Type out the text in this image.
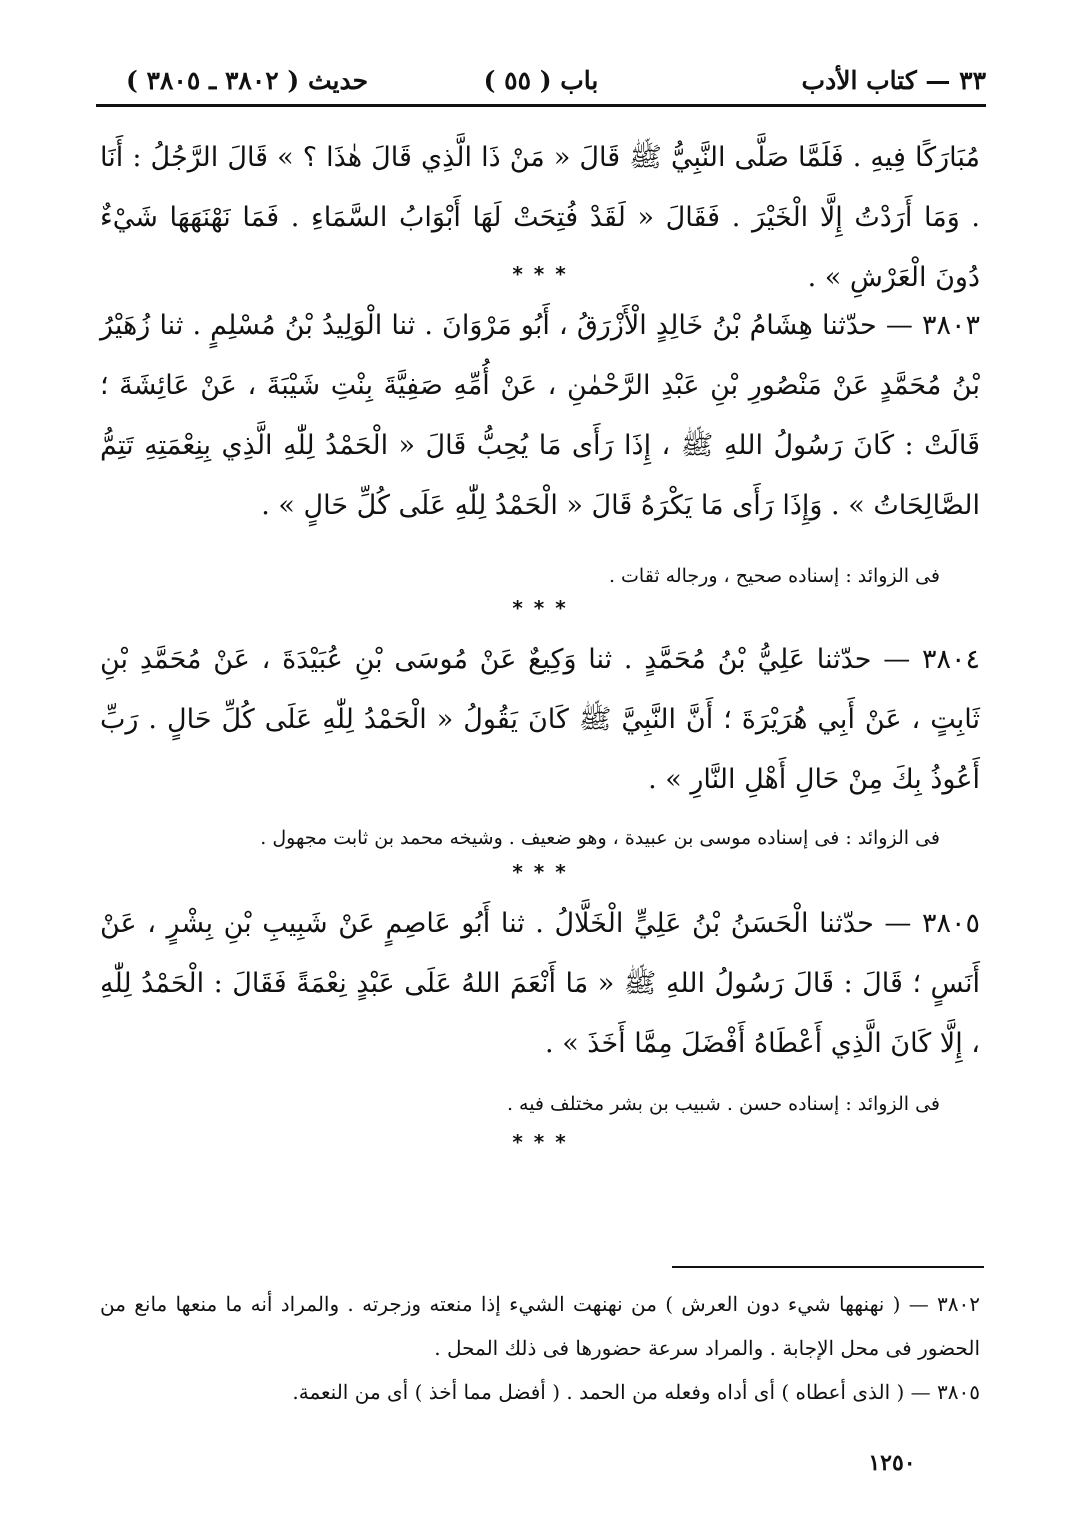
٣٣ — كتاب الأدب
( ٥٥ ) باب
( ٣٨٠٢ ـ ٣٨٠٥ ) حديث
مُبَارَكًا فِيهِ . فَلَمَّا صَلَّى النَّبِيُّ ﷺ قَالَ « مَنْ ذَا الَّذِي قَالَ هٰذَا ؟ » قَالَ الرَّجُلُ : أَنَا . وَمَا أَرَدْتُ إِلَّا الْخَيْرَ . فَقَالَ « لَقَدْ فُتِحَتْ لَهَا أَبْوَابُ السَّمَاءِ . فَمَا نَهْنَهَهَا شَيْءٌ دُونَ الْعَرْشِ » .
* * *
٣٨٠٣ — حدّثنا هِشَامُ بْنُ خَالِدٍ الْأَزْرَقُ ، أَبُو مَرْوَانَ . ثنا الْوَلِيدُ بْنُ مُسْلِمٍ . ثنا زُهَيْرُ بْنُ مُحَمَّدٍ عَنْ مَنْصُورِ بْنِ عَبْدِ الرَّحْمٰنِ ، عَنْ أُمِّهِ صَفِيَّةَ بِنْتِ شَيْبَةَ ، عَنْ عَائِشَةَ ؛ قَالَتْ : كَانَ رَسُولُ اللهِ ﷺ ، إِذَا رَأَى مَا يُحِبُّ قَالَ « الْحَمْدُ لِلّٰهِ الَّذِي بِنِعْمَتِهِ تَتِمُّ الصَّالِحَاتُ » . وَإِذَا رَأَى مَا يَكْرَهُ قَالَ « الْحَمْدُ لِلّٰهِ عَلَى كُلِّ حَالٍ » .
فى الزوائد : إسناده صحيح ، ورجاله ثقات .
* * *
٣٨٠٤ — حدّثنا عَلِيُّ بْنُ مُحَمَّدٍ . ثنا وَكِيعٌ عَنْ مُوسَى بْنِ عُبَيْدَةَ ، عَنْ مُحَمَّدِ بْنِ ثَابِتٍ ، عَنْ أَبِي هُرَيْرَةَ ؛ أَنَّ النَّبِيَّ ﷺ كَانَ يَقُولُ « الْحَمْدُ لِلّٰهِ عَلَى كُلِّ حَالٍ . رَبِّ أَعُوذُ بِكَ مِنْ حَالِ أَهْلِ النَّارِ » .
فى الزوائد : فى إسناده موسى بن عبيدة ، وهو ضعيف . وشيخه محمد بن ثابت مجهول .
* * *
٣٨٠٥ — حدّثنا الْحَسَنُ بْنُ عَلِيٍّ الْخَلَّالُ . ثنا أَبُو عَاصِمٍ عَنْ شَبِيبِ بْنِ بِشْرٍ ، عَنْ أَنَسٍ ؛ قَالَ : قَالَ رَسُولُ اللهِ ﷺ « مَا أَنْعَمَ اللهُ عَلَى عَبْدٍ نِعْمَةً فَقَالَ : الْحَمْدُ لِلّٰهِ ، إِلَّا كَانَ الَّذِي أَعْطَاهُ أَفْضَلَ مِمَّا أَخَذَ » .
فى الزوائد : إسناده حسن . شبيب بن بشر مختلف فيه .
* * *
٣٨٠٢ — ( نهنهها شيء دون العرش ) من نهنهت الشيء إذا منعته وزجرته . والمراد أنه ما منعها مانع من الحضور فى محل الإجابة . والمراد سرعة حضورها فى ذلك المحل .
٣٨٠٥ — ( الذى أعطاه ) أى أداه وفعله من الحمد . ( أفضل مما أخذ ) أى من النعمة.
١٢٥٠
